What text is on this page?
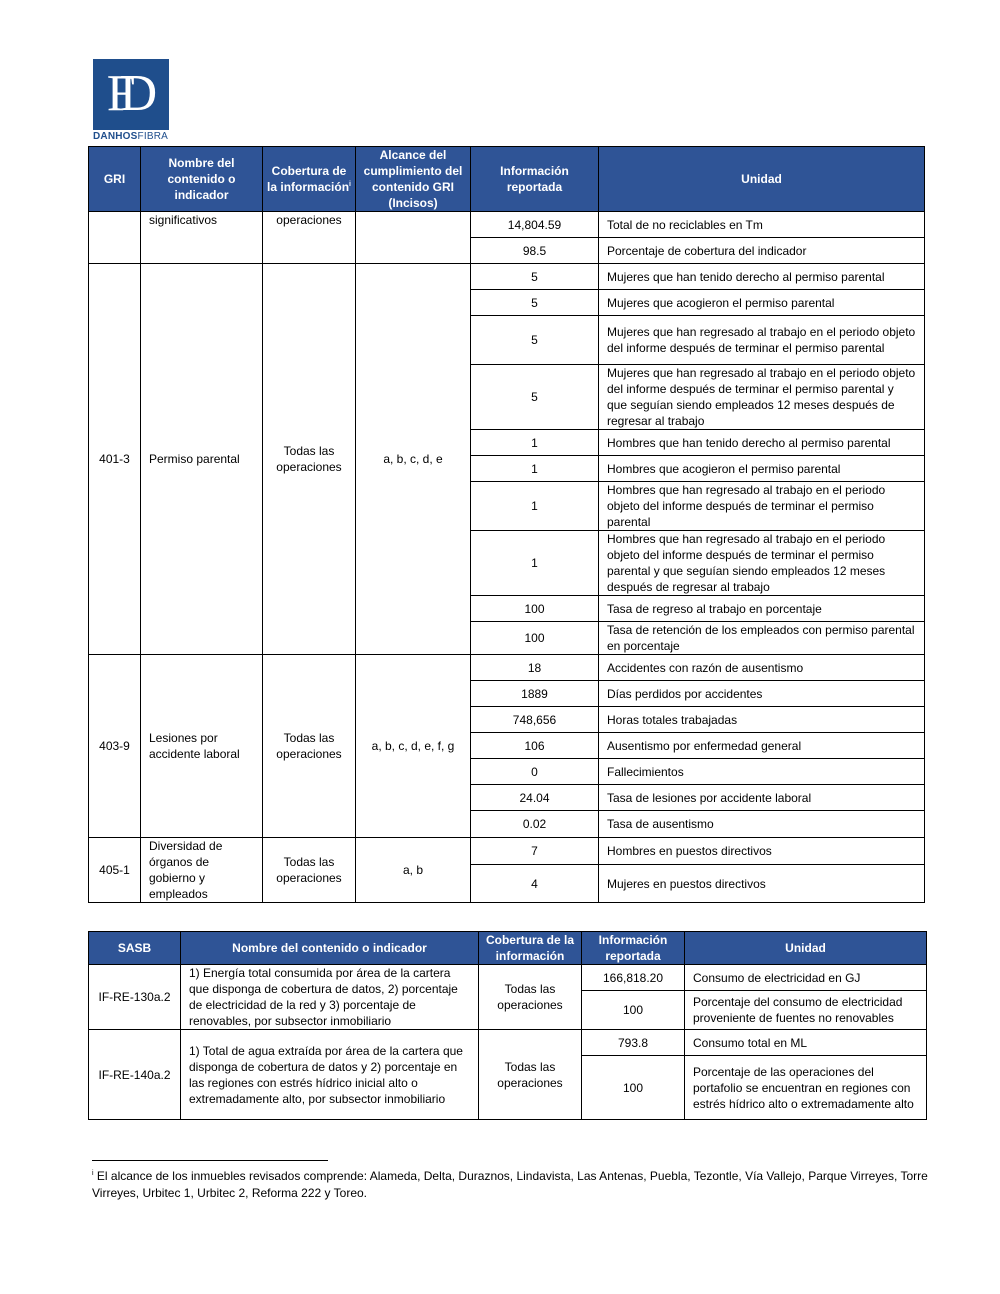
FD
DANHOSFIBRA
GRI	Nombre del contenido o indicador	Cobertura de la información$^i$	Alcance del cumplimiento del contenido GRI (Incisos)	Información reportada	Unidad
	significativos	operaciones		14,804.59	Total de no reciclables en Tm
				98.5	Porcentaje de cobertura del indicador
401-3	Permiso parental	Todas las operaciones	a, b, c, d, e	5	Mujeres que han tenido derecho al permiso parental
				5	Mujeres que acogieron el permiso parental
				5	Mujeres que han regresado al trabajo en el periodo objeto del informe después de terminar el permiso parental
				5	Mujeres que han regresado al trabajo en el periodo objeto del informe después de terminar el permiso parental y que seguían siendo empleados 12 meses después de regresar al trabajo
				1	Hombres que han tenido derecho al permiso parental
				1	Hombres que acogieron el permiso parental
				1	Hombres que han regresado al trabajo en el periodo objeto del informe después de terminar el permiso parental
				1	Hombres que han regresado al trabajo en el periodo objeto del informe después de terminar el permiso parental y que seguían siendo empleados 12 meses después de regresar al trabajo
				100	Tasa de regreso al trabajo en porcentaje
				100	Tasa de retención de los empleados con permiso parental en porcentaje
403-9	Lesiones por accidente laboral	Todas las operaciones	a, b, c, d, e, f, g	18	Accidentes con razón de ausentismo
				1889	Días perdidos por accidentes
				748,656	Horas totales trabajadas
				106	Ausentismo por enfermedad general
				0	Fallecimientos
				24.04	Tasa de lesiones por accidente laboral
				0.02	Tasa de ausentismo
405-1	Diversidad de órganos de gobierno y empleados	Todas las operaciones	a, b	7	Hombres en puestos directivos
				4	Mujeres en puestos directivos
SASB	Nombre del contenido o indicador	Cobertura de la información	Información reportada	Unidad
IF-RE-130a.2	1) Energía total consumida por área de la cartera que disponga de cobertura de datos, 2) porcentaje de electricidad de la red y 3) porcentaje de renovables, por subsector inmobiliario	Todas las operaciones	166,818.20	Consumo de electricidad en GJ
			100	Porcentaje del consumo de electricidad proveniente de fuentes no renovables
IF-RE-140a.2	1) Total de agua extraída por área de la cartera que disponga de cobertura de datos y 2) porcentaje en las regiones con estrés hídrico inicial alto o extremadamente alto, por subsector inmobiliario	Todas las operaciones	793.8	Consumo total en ML
			100	Porcentaje de las operaciones del portafolio se encuentran en regiones con estrés hídrico alto o extremadamente alto
$^i$ El alcance de los inmuebles revisados comprende: Alameda, Delta, Duraznos, Lindavista, Las Antenas, Puebla, Tezontle, Vía Vallejo, Parque Virreyes, Torre Virreyes, Urbitec 1, Urbitec 2, Reforma 222 y Toreo.
